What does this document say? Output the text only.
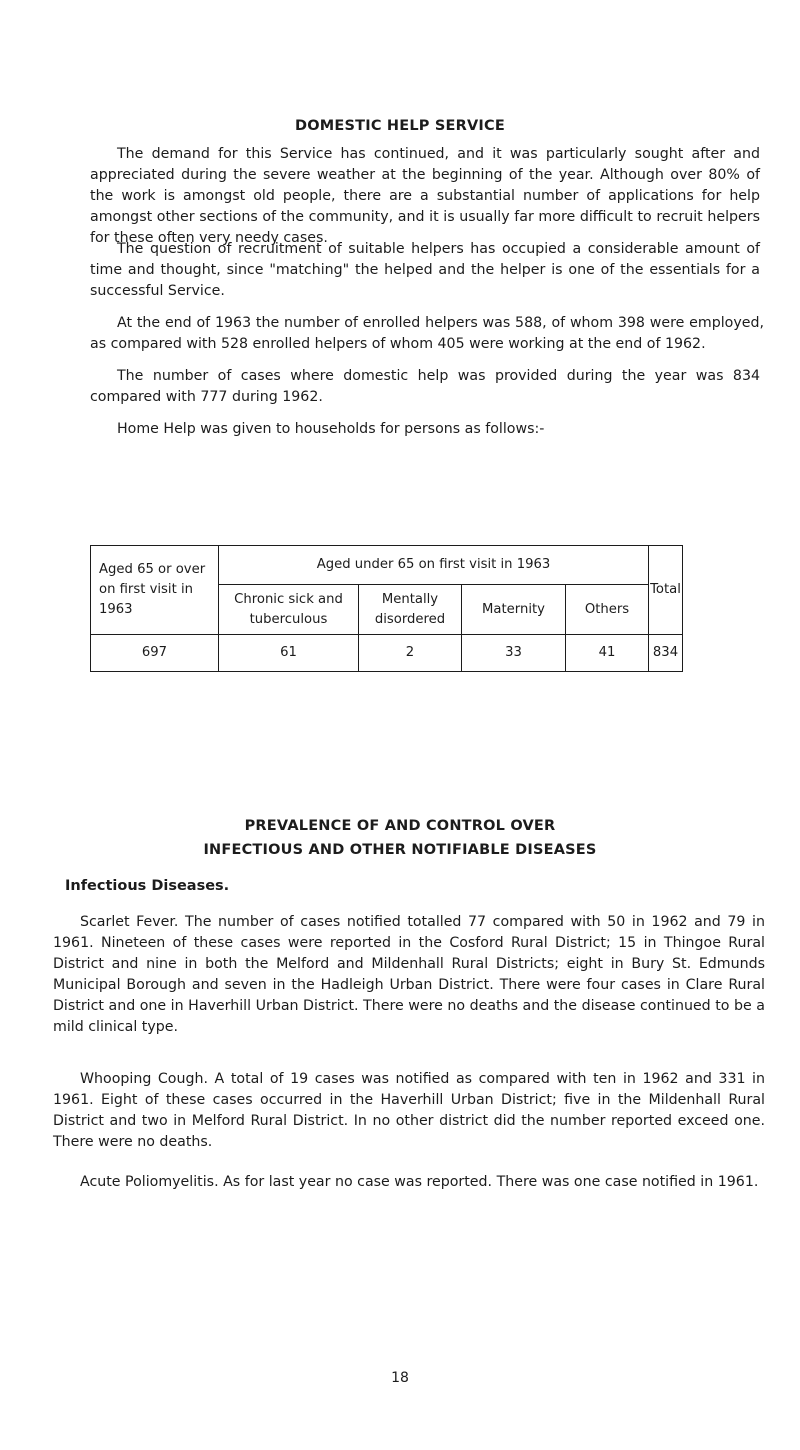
DOMESTIC HELP SERVICE
The demand for this Service has continued, and it was particularly sought after and appreciated during the severe weather at the beginning of the year. Although over 80% of the work is amongst old people, there are a substantial number of applications for help amongst other sections of the community, and it is usually far more difficult to recruit helpers for these often very needy cases.
The question of recruitment of suitable helpers has occupied a considerable amount of time and thought, since "matching" the helped and the helper is one of the essentials for a successful Service.
At the end of 1963 the number of enrolled helpers was 588, of whom 398 were employed, as compared with 528 enrolled helpers of whom 405 were working at the end of 1962.
The number of cases where domestic help was provided during the year was 834 compared with 777 during 1962.
Home Help was given to households for persons as follows:-
Aged 65 or over on first visit in 1963	Aged under 65 on first visit in 1963				Total
	Chronic sick and tuberculous	Mentally disordered	Maternity	Others	
697	61	2	33	41	834
PREVALENCE OF AND CONTROL OVER
INFECTIOUS AND OTHER NOTIFIABLE DISEASES
Infectious Diseases.
Scarlet Fever. The number of cases notified totalled 77 compared with 50 in 1962 and 79 in 1961. Nineteen of these cases were reported in the Cosford Rural District; 15 in Thingoe Rural District and nine in both the Melford and Mildenhall Rural Districts; eight in Bury St. Edmunds Municipal Borough and seven in the Hadleigh Urban District. There were four cases in Clare Rural District and one in Haverhill Urban District. There were no deaths and the disease continued to be a mild clinical type.
Whooping Cough. A total of 19 cases was notified as compared with ten in 1962 and 331 in 1961. Eight of these cases occurred in the Haverhill Urban District; five in the Mildenhall Rural District and two in Melford Rural District. In no other district did the number reported exceed one. There were no deaths.
Acute Poliomyelitis. As for last year no case was reported. There was one case notified in 1961.
18
